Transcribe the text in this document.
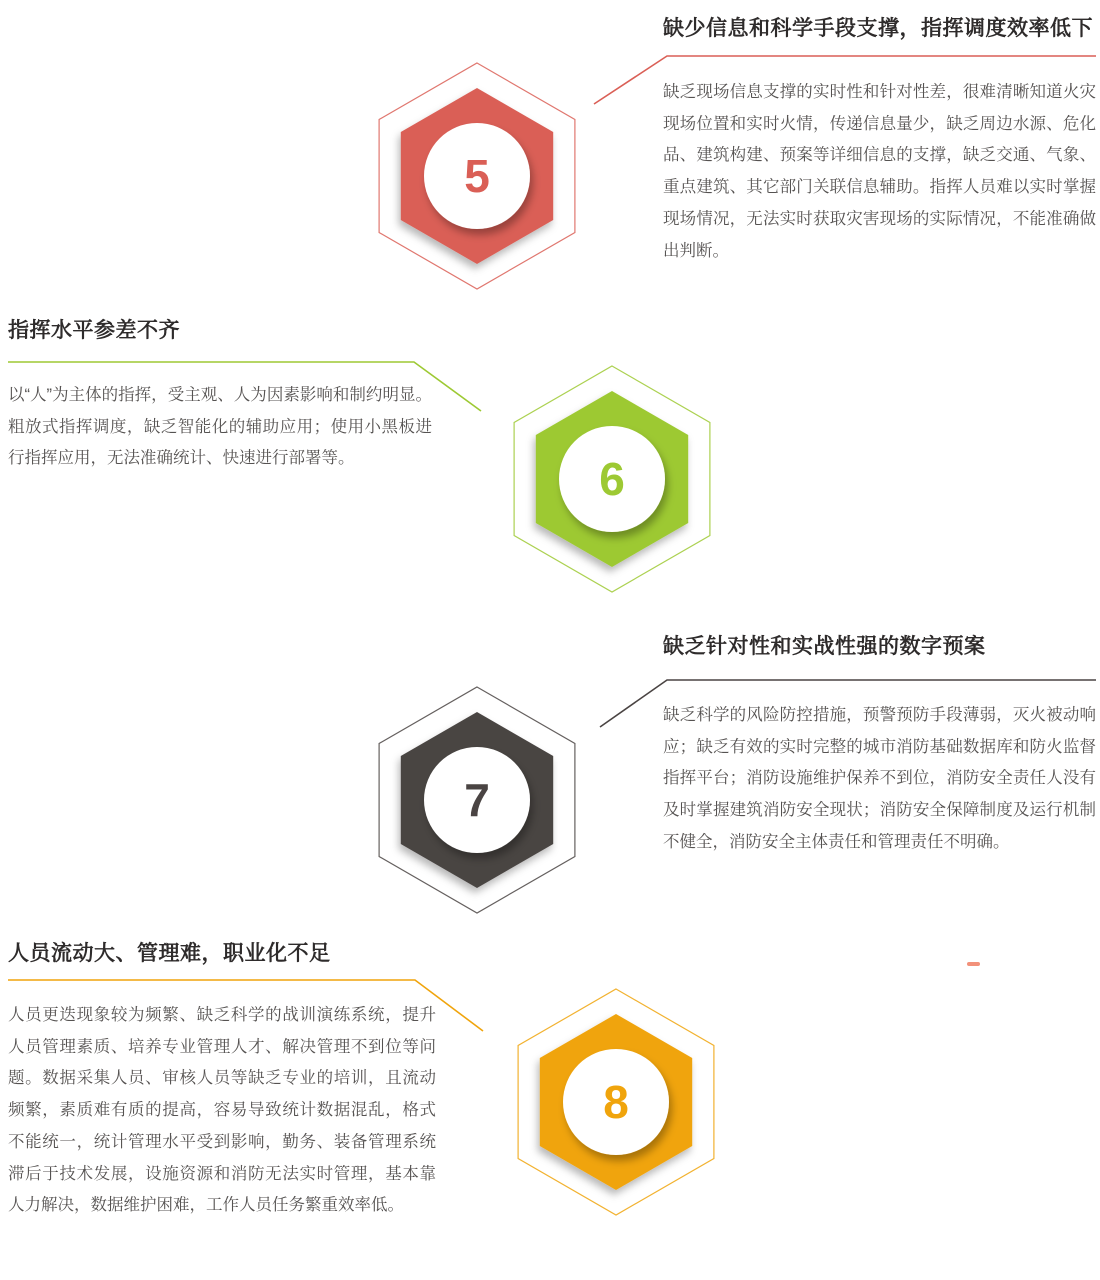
5
缺少信息和科学手段支撑，指挥调度效率低下

缺乏现场信息支撑的实时性和针对性差，很难清晰知道火灾现场位置和实时火情，传递信息量少，缺乏周边水源、危化品、建筑构建、预案等详细信息的支撑，缺乏交通、气象、重点建筑、其它部门关联信息辅助。指挥人员难以实时掌握现场情况，无法实时获取灾害现场的实际情况，不能准确做出判断。

6
指挥水平参差不齐

以“人”为主体的指挥，受主观、人为因素影响和制约明显。粗放式指挥调度，缺乏智能化的辅助应用；使用小黑板进行指挥应用，无法准确统计、快速进行部署等。

7
缺乏针对性和实战性强的数字预案

缺乏科学的风险防控措施，预警预防手段薄弱，灭火被动响应；缺乏有效的实时完整的城市消防基础数据库和防火监督指挥平台；消防设施维护保养不到位，消防安全责任人没有及时掌握建筑消防安全现状；消防安全保障制度及运行机制不健全，消防安全主体责任和管理责任不明确。

8
人员流动大、管理难，职业化不足

人员更迭现象较为频繁、缺乏科学的战训演练系统，提升人员管理素质、培养专业管理人才、解决管理不到位等问题。数据采集人员、审核人员等缺乏专业的培训，且流动频繁，素质难有质的提高，容易导致统计数据混乱，格式不能统一，统计管理水平受到影响，勤务、装备管理系统滞后于技术发展，设施资源和消防无法实时管理，基本靠人力解决，数据维护困难，工作人员任务繁重效率低。
